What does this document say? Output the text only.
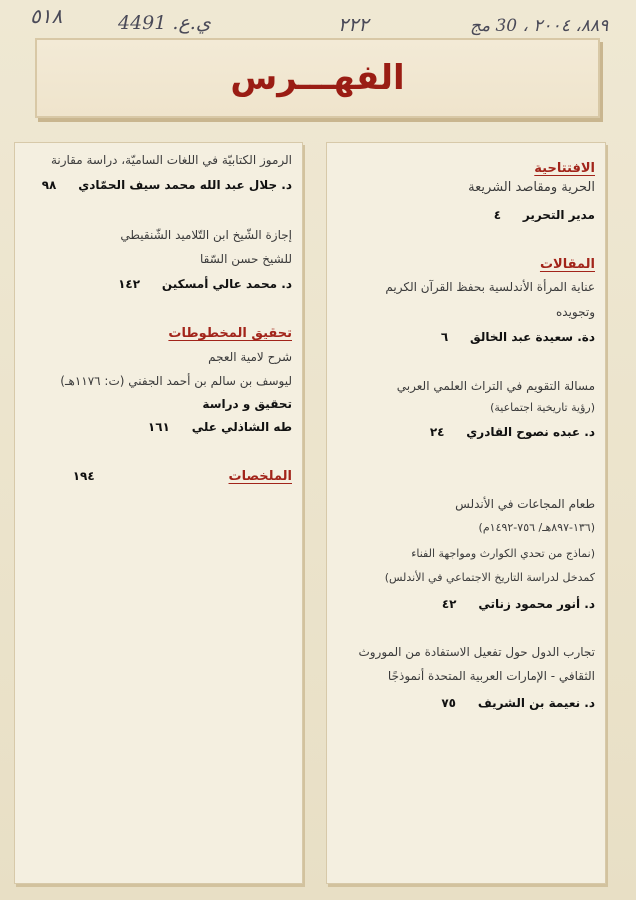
٥١٨	ي.ع. 4491	٢٢٢	٨٨٩، ٢٠٠٤ ، 30 مج
الفهـــرس
الافتتاحية
الحرية ومقاصد الشريعة
مدير التحرير ٤
المقالات
عناية المرأة الأندلسية بحفظ القرآن الكريم
وتجويده
دة. سعيدة عبد الخالق ٦
مسالة التقويم في التراث العلمي العربي
(رؤية تاريخية اجتماعية)
د. عبده نصوح القادري ٢٤
طعام المجاعات في الأندلس
(١٣٦-٨٩٧هـ/ ٧٥٦-١٤٩٢م)
(نماذج من تحدي الكوارث ومواجهة الفناء
كمدخل لدراسة التاريخ الاجتماعي في الأندلس)
د. أنور محمود زناتي ٤٢
تجارب الدول حول تفعيل الاستفادة من الموروث
الثقافي - الإمارات العربية المتحدة أنموذجًا
د. نعيمة بن الشريف ٧٥
الرموز الكتابيّة في اللغات الساميّة، دراسة مقارنة
د. جلال عبد الله محمد سيف الحمّادي ٩٨
إجازة الشّيخ ابن التّلاميد الشّنقيطي
للشيخ حسن السّقا
د. محمد عالي أمسكين ١٤٢
تحقيق المخطوطات
شرح لامية العجم
ليوسف بن سالم بن أحمد الجفني (ت: ١١٧٦هـ)
تحقيق و دراسة
طه الشاذلي علي ١٦١
الملخصات ١٩٤
